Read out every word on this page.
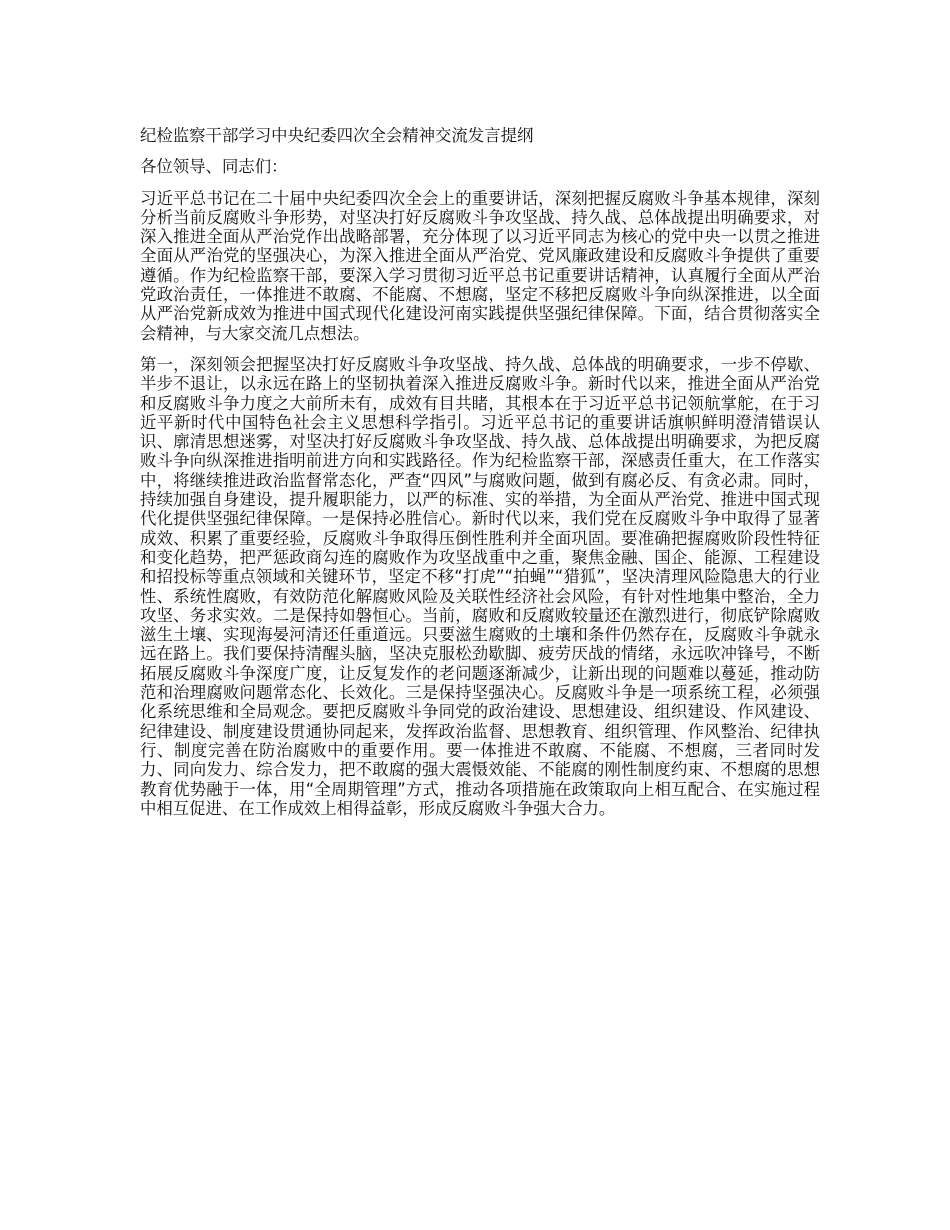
纪检监察干部学习中央纪委四次全会精神交流发言提纲
各位领导、同志们：
习近平总书记在二十届中央纪委四次全会上的重要讲话，深刻把握反腐败斗争基本规律，深刻分析当前反腐败斗争形势，对坚决打好反腐败斗争攻坚战、持久战、总体战提出明确要求，对深入推进全面从严治党作出战略部署，充分体现了以习近平同志为核心的党中央一以贯之推进全面从严治党的坚强决心，为深入推进全面从严治党、党风廉政建设和反腐败斗争提供了重要遵循。作为纪检监察干部，要深入学习贯彻习近平总书记重要讲话精神，认真履行全面从严治党政治责任，一体推进不敢腐、不能腐、不想腐，坚定不移把反腐败斗争向纵深推进，以全面从严治党新成效为推进中国式现代化建设河南实践提供坚强纪律保障。下面，结合贯彻落实全会精神，与大家交流几点想法。
第一，深刻领会把握坚决打好反腐败斗争攻坚战、持久战、总体战的明确要求，一步不停歇、半步不退让，以永远在路上的坚韧执着深入推进反腐败斗争。新时代以来，推进全面从严治党和反腐败斗争力度之大前所未有，成效有目共睹，其根本在于习近平总书记领航掌舵，在于习近平新时代中国特色社会主义思想科学指引。习近平总书记的重要讲话旗帜鲜明澄清错误认识、廓清思想迷雾，对坚决打好反腐败斗争攻坚战、持久战、总体战提出明确要求，为把反腐败斗争向纵深推进指明前进方向和实践路径。作为纪检监察干部，深感责任重大，在工作落实中，将继续推进政治监督常态化，严查“四风”与腐败问题，做到有腐必反、有贪必肃。同时，持续加强自身建设，提升履职能力，以严的标准、实的举措，为全面从严治党、推进中国式现代化提供坚强纪律保障。一是保持必胜信心。新时代以来，我们党在反腐败斗争中取得了显著成效、积累了重要经验，反腐败斗争取得压倒性胜利并全面巩固。要准确把握腐败阶段性特征和变化趋势，把严惩政商勾连的腐败作为攻坚战重中之重，聚焦金融、国企、能源、工程建设和招投标等重点领域和关键环节，坚定不移“打虎”“拍蝇”“猎狐”，坚决清理风险隐患大的行业性、系统性腐败，有效防范化解腐败风险及关联性经济社会风险，有针对性地集中整治，全力攻坚、务求实效。二是保持如磐恒心。当前，腐败和反腐败较量还在激烈进行，彻底铲除腐败滋生土壤、实现海晏河清还任重道远。只要滋生腐败的土壤和条件仍然存在，反腐败斗争就永远在路上。我们要保持清醒头脑，坚决克服松劲歇脚、疲劳厌战的情绪，永远吹冲锋号，不断拓展反腐败斗争深度广度，让反复发作的老问题逐渐减少，让新出现的问题难以蔓延，推动防范和治理腐败问题常态化、长效化。三是保持坚强决心。反腐败斗争是一项系统工程，必须强化系统思维和全局观念。要把反腐败斗争同党的政治建设、思想建设、组织建设、作风建设、纪律建设、制度建设贯通协同起来，发挥政治监督、思想教育、组织管理、作风整治、纪律执行、制度完善在防治腐败中的重要作用。要一体推进不敢腐、不能腐、不想腐，三者同时发力、同向发力、综合发力，把不敢腐的强大震慑效能、不能腐的刚性制度约束、不想腐的思想教育优势融于一体，用“全周期管理”方式，推动各项措施在政策取向上相互配合、在实施过程中相互促进、在工作成效上相得益彰，形成反腐败斗争强大合力。
